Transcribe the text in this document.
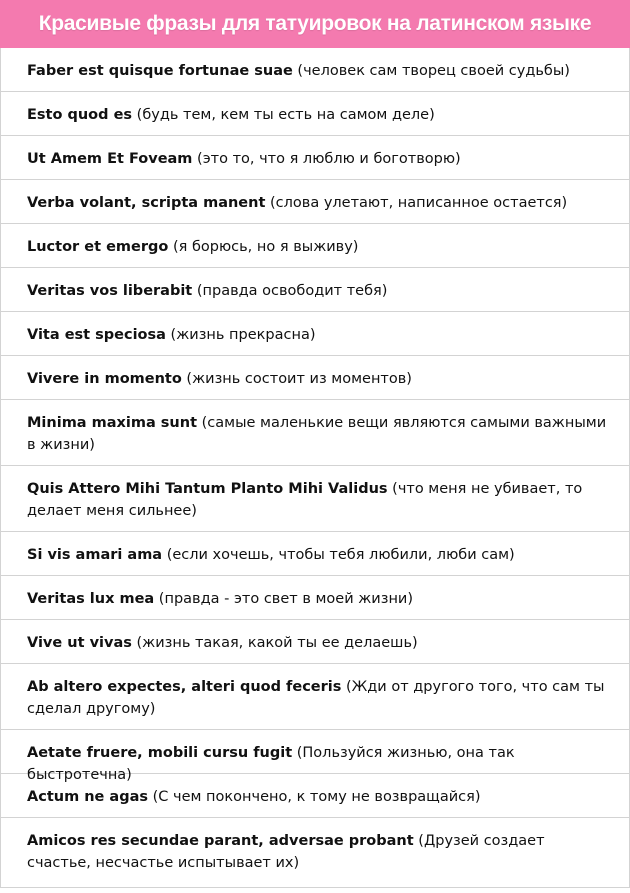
Красивые фразы для татуировок на латинском языке
Faber est quisque fortunae suae (человек сам творец своей судьбы)
Esto quod es (будь тем, кем ты есть на самом деле)
Ut Amem Et Foveam (это то, что я люблю и боготворю)
Verba volant, scripta manent (слова улетают, написанное остается)
Luctor et emergo (я борюсь, но я выживу)
Veritas vos liberabit (правда освободит тебя)
Vita est speciosa (жизнь прекрасна)
Vivere in momento (жизнь состоит из моментов)
Minima maxima sunt (самые маленькие вещи являются самыми важными в жизни)
Quis Attero Mihi Tantum Planto Mihi Validus (что меня не убивает, то делает меня сильнее)
Si vis amari ama (если хочешь, чтобы тебя любили, люби сам)
Veritas lux mea (правда - это свет в моей жизни)
Vive ut vivas (жизнь такая, какой ты ее делаешь)
Ab altero expectes, alteri quod feceris (Жди от другого того, что сам ты сделал другому)
Aetate fruere, mobili cursu fugit (Пользуйся жизнью, она так быстротечна)
Actum ne agas (С чем покончено, к тому не возвращайся)
Amicos res secundae parant, adversae probant (Друзей создает счастье, несчастье испытывает их)
